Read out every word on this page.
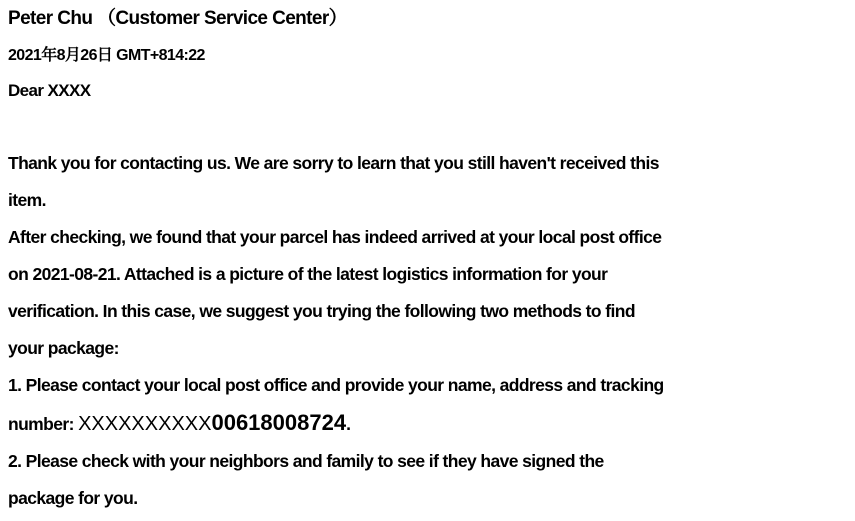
Peter Chu （Customer Service Center）
2021年8月26日 GMT+814:22
Dear XXXX
Thank you for contacting us. We are sorry to learn that you still haven't received this
item.
After checking, we found that your parcel has indeed arrived at your local post office
on 2021-08-21. Attached is a picture of the latest logistics information for your
verification. In this case, we suggest you trying the following two methods to find
your package:
1. Please contact your local post office and provide your name, address and tracking
number: XXXXXXXXXX00618008724.
2. Please check with your neighbors and family to see if they have signed the
package for you.
